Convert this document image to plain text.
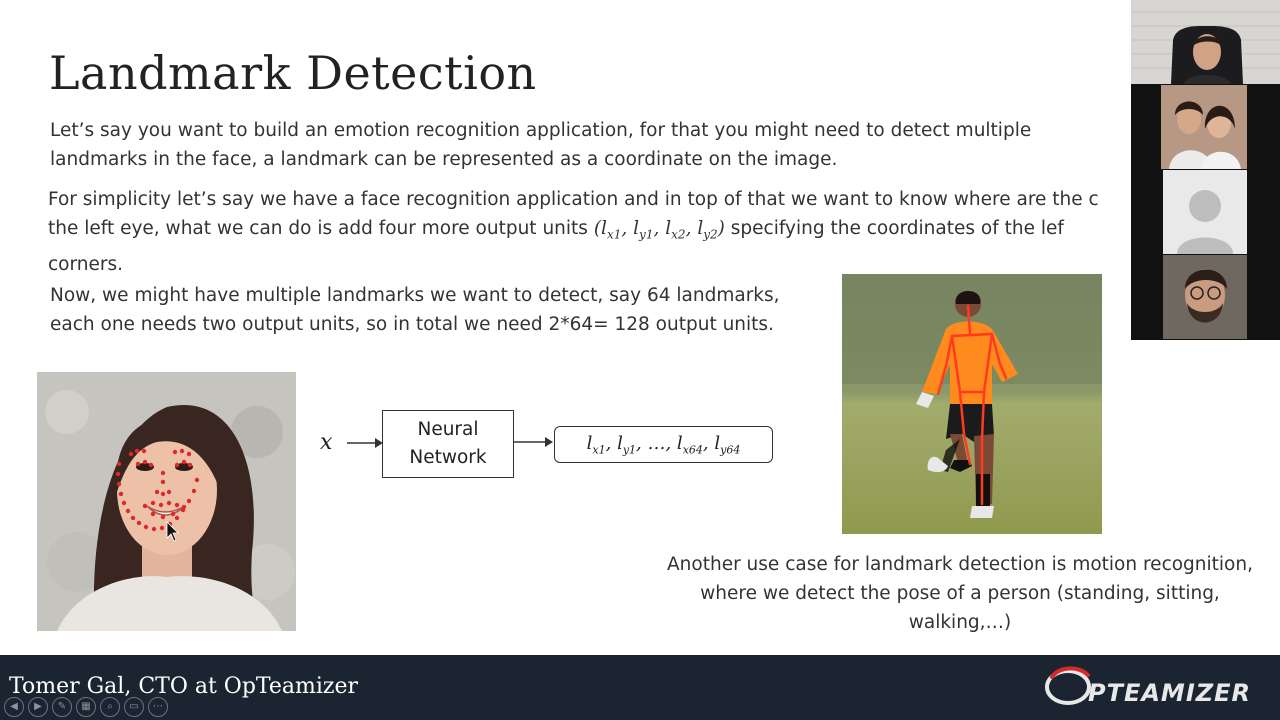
Landmark Detection
Let’s say you want to build an emotion recognition application, for that you might need to detect multiple
landmarks in the face, a landmark can be represented as a coordinate on the image.
For simplicity let’s say we have a face recognition application and in top of that we want to know where are the c
the left eye, what we can do is add four more output units ($l_{x1}$, $l_{y1}$, $l_{x2}$, $l_{y2}$) specifying the coordinates of the lef
corners.
Now, we might have multiple landmarks we want to detect, say 64 landmarks,
each one needs two output units, so in total we need 2*64= 128 output units.
x
Neural
Network
$l_{x1}$, $l_{y1}$, …, $l_{x64}$, $l_{y64}$
Another use case for landmark detection is motion recognition,
where we detect the pose of a person (standing, sitting,
walking,…)
Tomer Gal, CTO at OpTeamizer	PTEAMIZER
◀	▶	✎	▦	⌕	▭	⋯
